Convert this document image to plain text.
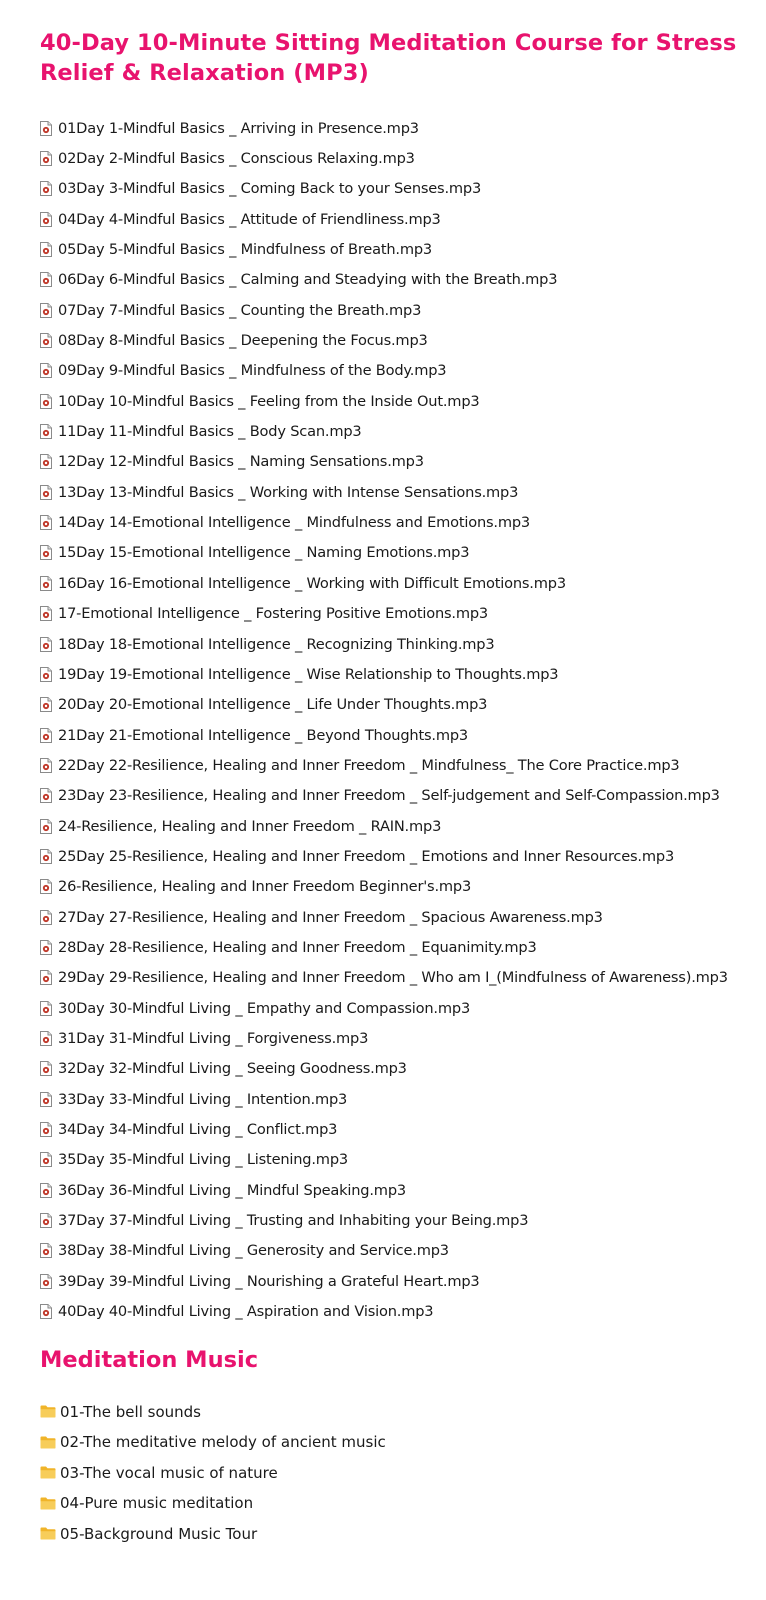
40-Day 10-Minute Sitting Meditation Course for Stress Relief & Relaxation (MP3)
01Day 1-Mindful Basics _ Arriving in Presence.mp3
02Day 2-Mindful Basics _ Conscious Relaxing.mp3
03Day 3-Mindful Basics _ Coming Back to your Senses.mp3
04Day 4-Mindful Basics _ Attitude of Friendliness.mp3
05Day 5-Mindful Basics _ Mindfulness of Breath.mp3
06Day 6-Mindful Basics _ Calming and Steadying with the Breath.mp3
07Day 7-Mindful Basics _ Counting the Breath.mp3
08Day 8-Mindful Basics _ Deepening the Focus.mp3
09Day 9-Mindful Basics _ Mindfulness of the Body.mp3
10Day 10-Mindful Basics _ Feeling from the Inside Out.mp3
11Day 11-Mindful Basics _ Body Scan.mp3
12Day 12-Mindful Basics _ Naming Sensations.mp3
13Day 13-Mindful Basics _ Working with Intense Sensations.mp3
14Day 14-Emotional Intelligence _ Mindfulness and Emotions.mp3
15Day 15-Emotional Intelligence _ Naming Emotions.mp3
16Day 16-Emotional Intelligence _ Working with Difficult Emotions.mp3
17-Emotional Intelligence _ Fostering Positive Emotions.mp3
18Day 18-Emotional Intelligence _ Recognizing Thinking.mp3
19Day 19-Emotional Intelligence _ Wise Relationship to Thoughts.mp3
20Day 20-Emotional Intelligence _ Life Under Thoughts.mp3
21Day 21-Emotional Intelligence _ Beyond Thoughts.mp3
22Day 22-Resilience, Healing and Inner Freedom _ Mindfulness_ The Core Practice.mp3
23Day 23-Resilience, Healing and Inner Freedom _ Self-judgement and Self-Compassion.mp3
24-Resilience, Healing and Inner Freedom _ RAIN.mp3
25Day 25-Resilience, Healing and Inner Freedom _ Emotions and Inner Resources.mp3
26-Resilience, Healing and Inner Freedom Beginner's.mp3
27Day 27-Resilience, Healing and Inner Freedom _ Spacious Awareness.mp3
28Day 28-Resilience, Healing and Inner Freedom _ Equanimity.mp3
29Day 29-Resilience, Healing and Inner Freedom _ Who am I_(Mindfulness of Awareness).mp3
30Day 30-Mindful Living _ Empathy and Compassion.mp3
31Day 31-Mindful Living _ Forgiveness.mp3
32Day 32-Mindful Living _ Seeing Goodness.mp3
33Day 33-Mindful Living _ Intention.mp3
34Day 34-Mindful Living _ Conflict.mp3
35Day 35-Mindful Living _ Listening.mp3
36Day 36-Mindful Living _ Mindful Speaking.mp3
37Day 37-Mindful Living _ Trusting and Inhabiting your Being.mp3
38Day 38-Mindful Living _ Generosity and Service.mp3
39Day 39-Mindful Living _ Nourishing a Grateful Heart.mp3
40Day 40-Mindful Living _ Aspiration and Vision.mp3
Meditation Music
01-The bell sounds
02-The meditative melody of ancient music
03-The vocal music of nature
04-Pure music meditation
05-Background Music Tour
